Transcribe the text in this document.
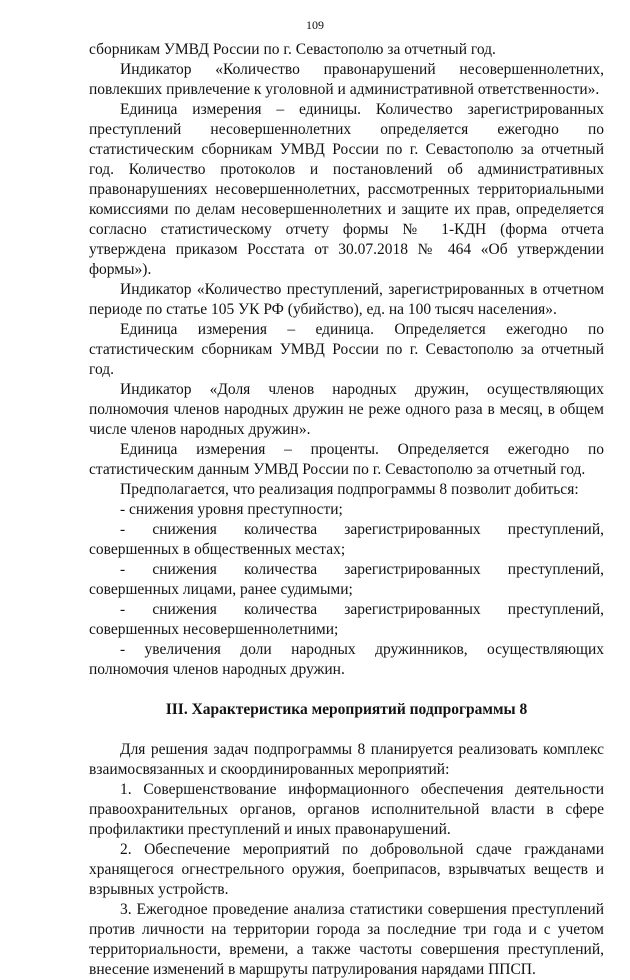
109

сборникам УМВД России по г. Севастополю за отчетный год.

Индикатор «Количество правонарушений несовершеннолетних, повлекших привлечение к уголовной и административной ответственности».

Единица измерения – единицы. Количество зарегистрированных преступлений несовершеннолетних определяется ежегодно по статистическим сборникам УМВД России по г. Севастополю за отчетный год. Количество протоколов и постановлений об административных правонарушениях несовершеннолетних, рассмотренных территориальными комиссиями по делам несовершеннолетних и защите их прав, определяется согласно статистическому отчету формы № 1-КДН (форма отчета утверждена приказом Росстата от 30.07.2018 № 464 «Об утверждении формы»).

Индикатор «Количество преступлений, зарегистрированных в отчетном периоде по статье 105 УК РФ (убийство), ед. на 100 тысяч населения».

Единица измерения – единица. Определяется ежегодно по статистическим сборникам УМВД России по г. Севастополю за отчетный год.

Индикатор «Доля членов народных дружин, осуществляющих полномочия членов народных дружин не реже одного раза в месяц, в общем числе членов народных дружин».

Единица измерения – проценты. Определяется ежегодно по статистическим данным УМВД России по г. Севастополю за отчетный год.

Предполагается, что реализация подпрограммы 8 позволит добиться:

- снижения уровня преступности;

- снижения количества зарегистрированных преступлений, совершенных в общественных местах;

- снижения количества зарегистрированных преступлений, совершенных лицами, ранее судимыми;

- снижения количества зарегистрированных преступлений, совершенных несовершеннолетними;

- увеличения доли народных дружинников, осуществляющих полномочия членов народных дружин.

III. Характеристика мероприятий подпрограммы 8

Для решения задач подпрограммы 8 планируется реализовать комплекс взаимосвязанных и скоординированных мероприятий:

1. Совершенствование информационного обеспечения деятельности правоохранительных органов, органов исполнительной власти в сфере профилактики преступлений и иных правонарушений.

2. Обеспечение мероприятий по добровольной сдаче гражданами хранящегося огнестрельного оружия, боеприпасов, взрывчатых веществ и взрывных устройств.

3. Ежегодное проведение анализа статистики совершения преступлений против личности на территории города за последние три года и с учетом территориальности, времени, а также частоты совершения преступлений, внесение изменений в маршруты патрулирования нарядами ППСП.
